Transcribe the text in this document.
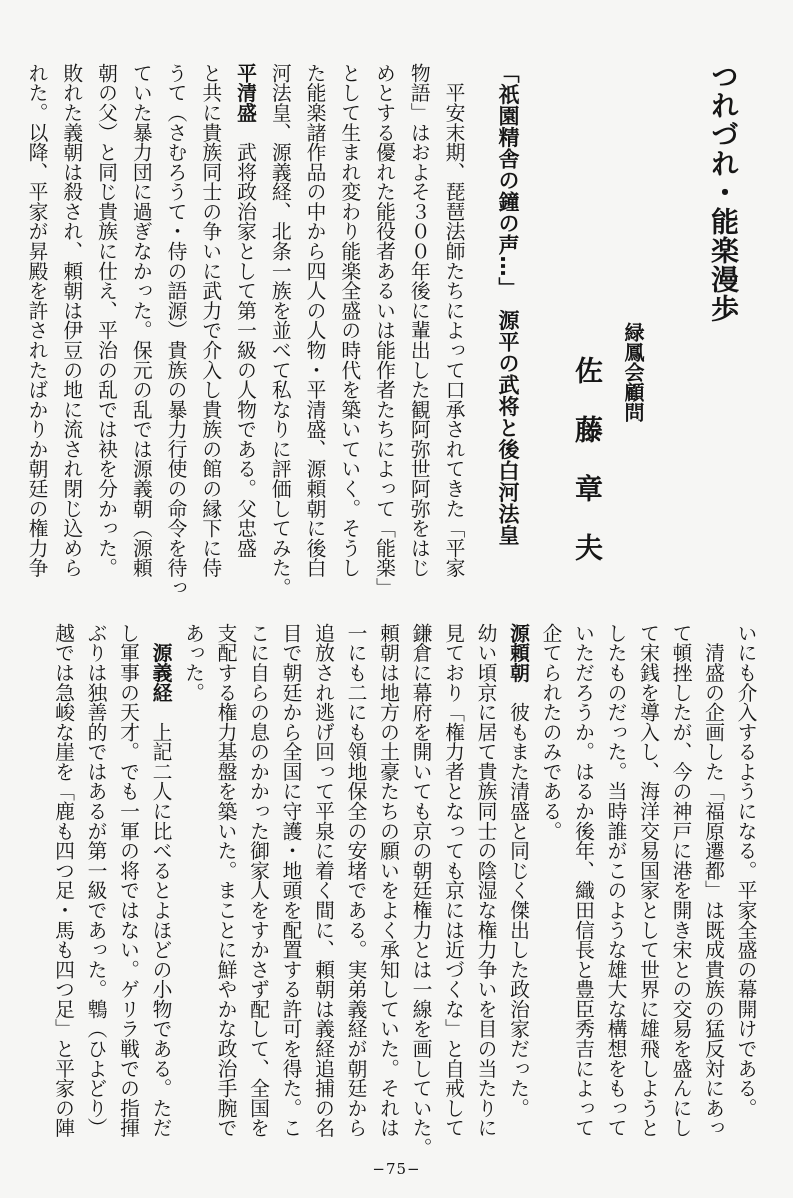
つれづれ・能楽漫歩
緑鳳会顧問
佐藤章夫
「祇園精舎の鐘の声…」　源平の武将と後白河法皇
　平安末期、琵琶法師たちによって口承されてきた「平家
物語」はおよそ３００年後に輩出した観阿弥世阿弥をはじ
めとする優れた能役者あるいは能作者たちによって「能楽」
として生まれ変わり能楽全盛の時代を築いていく。そうし
た能楽諸作品の中から四人の人物・平清盛、源頼朝に後白
河法皇、源義経、北条一族を並べて私なりに評価してみた。
平清盛　武将政治家として第一級の人物である。父忠盛
と共に貴族同士の争いに武力で介入し貴族の館の縁下に侍
うて（さむろうて・侍の語源）貴族の暴力行使の命令を待っ
ていた暴力団に過ぎなかった。保元の乱では源義朝（源頼
朝の父）と同じ貴族に仕え、平治の乱では袂を分かった。
敗れた義朝は殺され、頼朝は伊豆の地に流され閉じ込めら
れた。以降、平家が昇殿を許されたばかりか朝廷の権力争
いにも介入するようになる。平家全盛の幕開けである。
　清盛の企画した「福原遷都」は既成貴族の猛反対にあっ
て頓挫したが、今の神戸に港を開き宋との交易を盛んにし
て宋銭を導入し、海洋交易国家として世界に雄飛しようと
したものだった。当時誰がこのような雄大な構想をもって
いただろうか。はるか後年、織田信長と豊臣秀吉によって
企てられたのみである。
源頼朝　彼もまた清盛と同じく傑出した政治家だった。
幼い頃京に居て貴族同士の陰湿な権力争いを目の当たりに
見ており「権力者となっても京には近づくな」と自戒して
鎌倉に幕府を開いても京の朝廷権力とは一線を画していた。
頼朝は地方の土豪たちの願いをよく承知していた。それは
一にも二にも領地保全の安堵である。実弟義経が朝廷から
追放され逃げ回って平泉に着く間に、頼朝は義経追捕の名
目で朝廷から全国に守護・地頭を配置する許可を得た。こ
こに自らの息のかかった御家人をすかさず配して、全国を
支配する権力基盤を築いた。まことに鮮やかな政治手腕で
あった。
　源義経　上記二人に比べるとよほどの小物である。ただ
し軍事の天才。でも一軍の将ではない。ゲリラ戦での指揮
ぶりは独善的ではあるが第一級であった。鵯（ひよどり）
越では急峻な崖を「鹿も四つ足・馬も四つ足」と平家の陣
−75−
